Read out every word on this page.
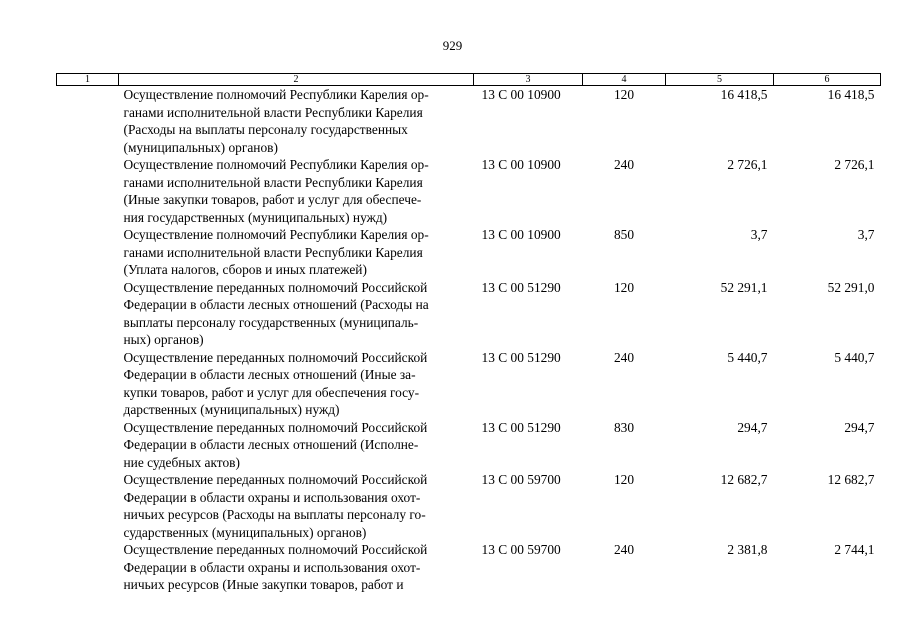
929
1	2	3	4	5	6

	Осуществление полномочий Республики Карелия ор-
ганами исполнительной власти Республики Карелия
(Расходы на выплаты персоналу государственных
(муниципальных) органов)	13 С 00 10900	120	16 418,5	16 418,5

	Осуществление полномочий Республики Карелия ор-
ганами исполнительной власти Республики Карелия
(Иные закупки товаров, работ и услуг для обеспече-
ния государственных (муниципальных) нужд)	13 С 00 10900	240	2 726,1	2 726,1

	Осуществление полномочий Республики Карелия ор-
ганами исполнительной власти Республики Карелия
(Уплата налогов, сборов и иных платежей)	13 С 00 10900	850	3,7	3,7

	Осуществление переданных полномочий Российской
Федерации в области лесных отношений (Расходы на
выплаты персоналу государственных (муниципаль-
ных) органов)	13 С 00 51290	120	52 291,1	52 291,0

	Осуществление переданных полномочий Российской
Федерации в области лесных отношений (Иные за-
купки товаров, работ и услуг для обеспечения госу-
дарственных (муниципальных) нужд)	13 С 00 51290	240	5 440,7	5 440,7

	Осуществление переданных полномочий Российской
Федерации в области лесных отношений (Исполне-
ние судебных актов)	13 С 00 51290	830	294,7	294,7

	Осуществление переданных полномочий Российской
Федерации в области охраны и использования охот-
ничьих ресурсов (Расходы на выплаты персоналу го-
сударственных (муниципальных) органов)	13 С 00 59700	120	12 682,7	12 682,7

	Осуществление переданных полномочий Российской
Федерации в области охраны и использования охот-
ничьих ресурсов (Иные закупки товаров, работ и	13 С 00 59700	240	2 381,8	2 744,1
